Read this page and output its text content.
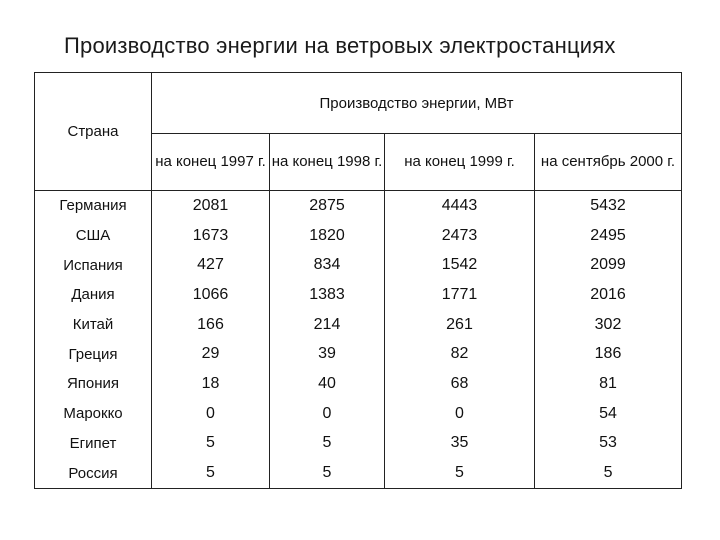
Производство энергии на ветровых электростанциях
Страна	Производство энергии, МВт			
	на конец 1997 г.	на конец 1998 г.	на конец 1999 г.	на сентябрь 2000 г.
Германия	2081	2875	4443	5432
США	1673	1820	2473	2495
Испания	427	834	1542	2099
Дания	1066	1383	1771	2016
Китай	166	214	261	302
Греция	29	39	82	186
Япония	18	40	68	81
Марокко	0	0	0	54
Египет	5	5	35	53
Россия	5	5	5	5
